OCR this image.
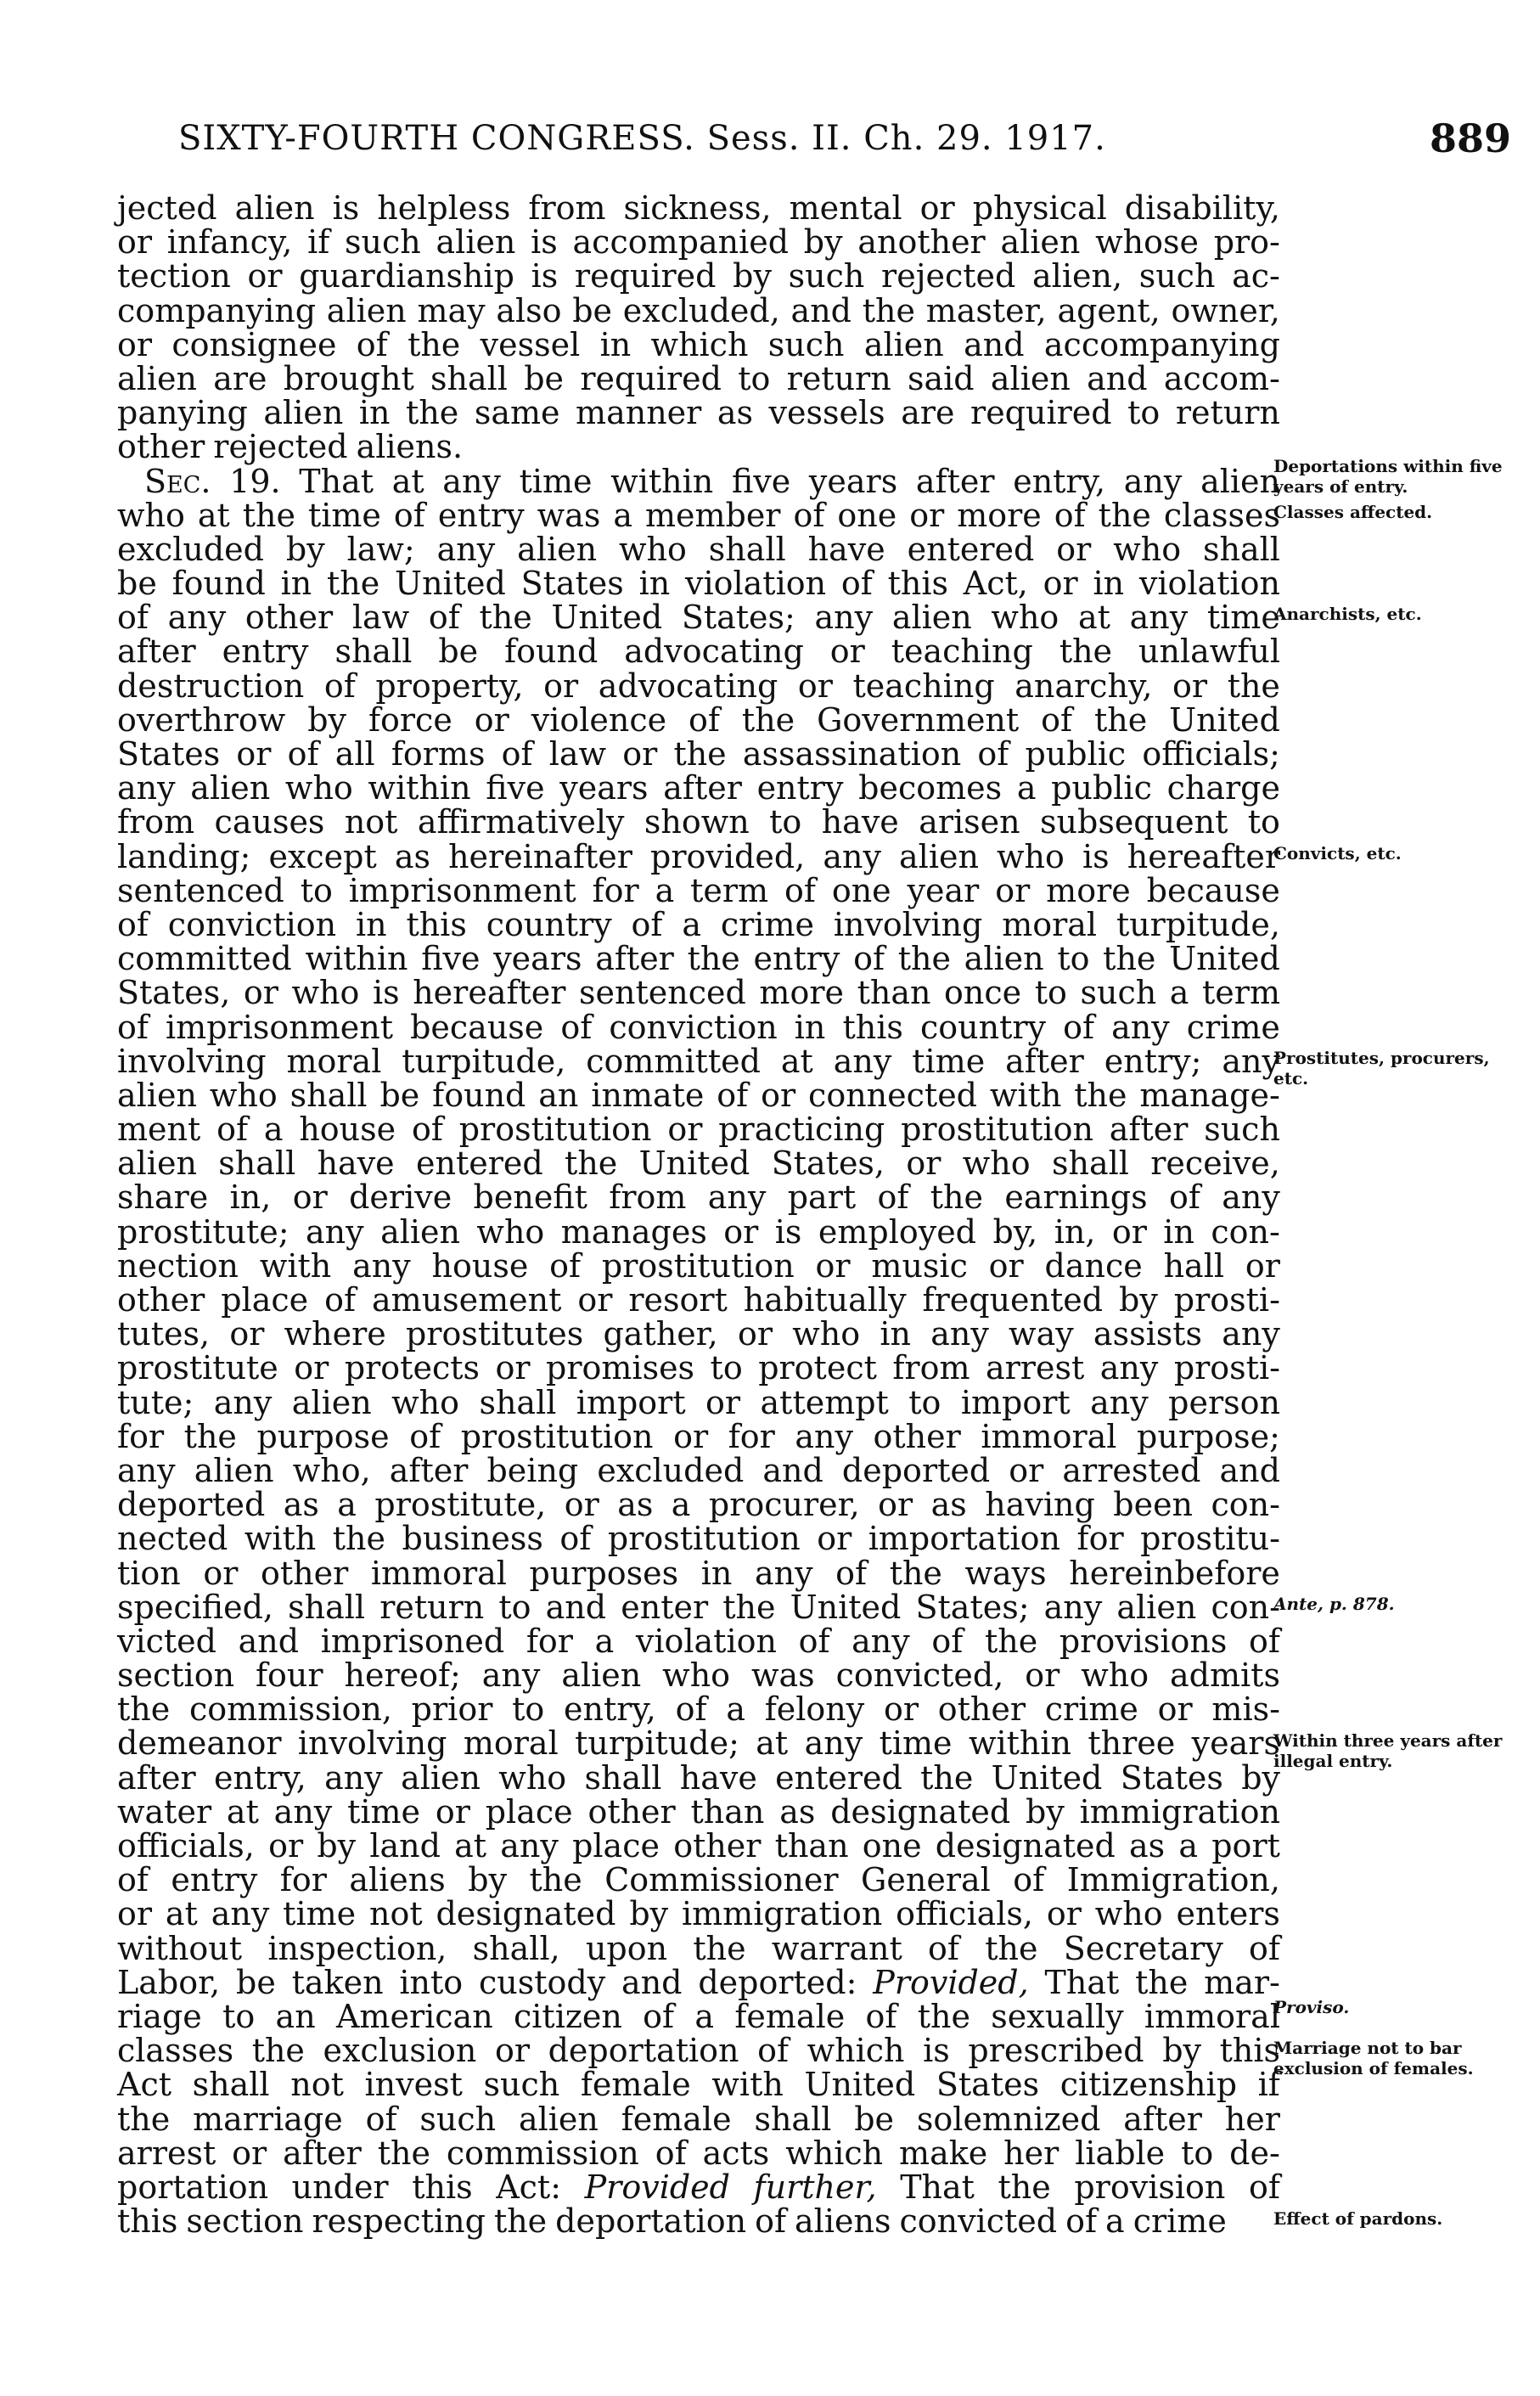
SIXTY-FOURTH CONGRESS. Sess. II. Ch. 29. 1917.	889
jected alien is helpless from sickness, mental or physical disability,
or infancy, if such alien is accompanied by another alien whose pro-
tection or guardianship is required by such rejected alien, such ac-
companying alien may also be excluded, and the master, agent, owner,
or consignee of the vessel in which such alien and accompanying
alien are brought shall be required to return said alien and accom-
panying alien in the same manner as vessels are required to return
other rejected aliens.
Sec. 19. That at any time within five years after entry, any alien
who at the time of entry was a member of one or more of the classes
excluded by law; any alien who shall have entered or who shall
be found in the United States in violation of this Act, or in violation
of any other law of the United States; any alien who at any time
after entry shall be found advocating or teaching the unlawful
destruction of property, or advocating or teaching anarchy, or the
overthrow by force or violence of the Government of the United
States or of all forms of law or the assassination of public officials;
any alien who within five years after entry becomes a public charge
from causes not affirmatively shown to have arisen subsequent to
landing; except as hereinafter provided, any alien who is hereafter
sentenced to imprisonment for a term of one year or more because
of conviction in this country of a crime involving moral turpitude,
committed within five years after the entry of the alien to the United
States, or who is hereafter sentenced more than once to such a term
of imprisonment because of conviction in this country of any crime
involving moral turpitude, committed at any time after entry; any
alien who shall be found an inmate of or connected with the manage-
ment of a house of prostitution or practicing prostitution after such
alien shall have entered the United States, or who shall receive,
share in, or derive benefit from any part of the earnings of any
prostitute; any alien who manages or is employed by, in, or in con-
nection with any house of prostitution or music or dance hall or
other place of amusement or resort habitually frequented by prosti-
tutes, or where prostitutes gather, or who in any way assists any
prostitute or protects or promises to protect from arrest any prosti-
tute; any alien who shall import or attempt to import any person
for the purpose of prostitution or for any other immoral purpose;
any alien who, after being excluded and deported or arrested and
deported as a prostitute, or as a procurer, or as having been con-
nected with the business of prostitution or importation for prostitu-
tion or other immoral purposes in any of the ways hereinbefore
specified, shall return to and enter the United States; any alien con-
victed and imprisoned for a violation of any of the provisions of
section four hereof; any alien who was convicted, or who admits
the commission, prior to entry, of a felony or other crime or mis-
demeanor involving moral turpitude; at any time within three years
after entry, any alien who shall have entered the United States by
water at any time or place other than as designated by immigration
officials, or by land at any place other than one designated as a port
of entry for aliens by the Commissioner General of Immigration,
or at any time not designated by immigration officials, or who enters
without inspection, shall, upon the warrant of the Secretary of
Labor, be taken into custody and deported: Provided, That the mar-
riage to an American citizen of a female of the sexually immoral
classes the exclusion or deportation of which is prescribed by this
Act shall not invest such female with United States citizenship if
the marriage of such alien female shall be solemnized after her
arrest or after the commission of acts which make her liable to de-
portation under this Act: Provided further, That the provision of
this section respecting the deportation of aliens convicted of a crime
Deportations within five years of entry.
Classes affected.
Anarchists, etc.
Convicts, etc.
Prostitutes, procurers, etc.
Ante, p. 878.
Within three years after illegal entry.
Proviso.
Marriage not to bar exclusion of females.
Effect of pardons.
